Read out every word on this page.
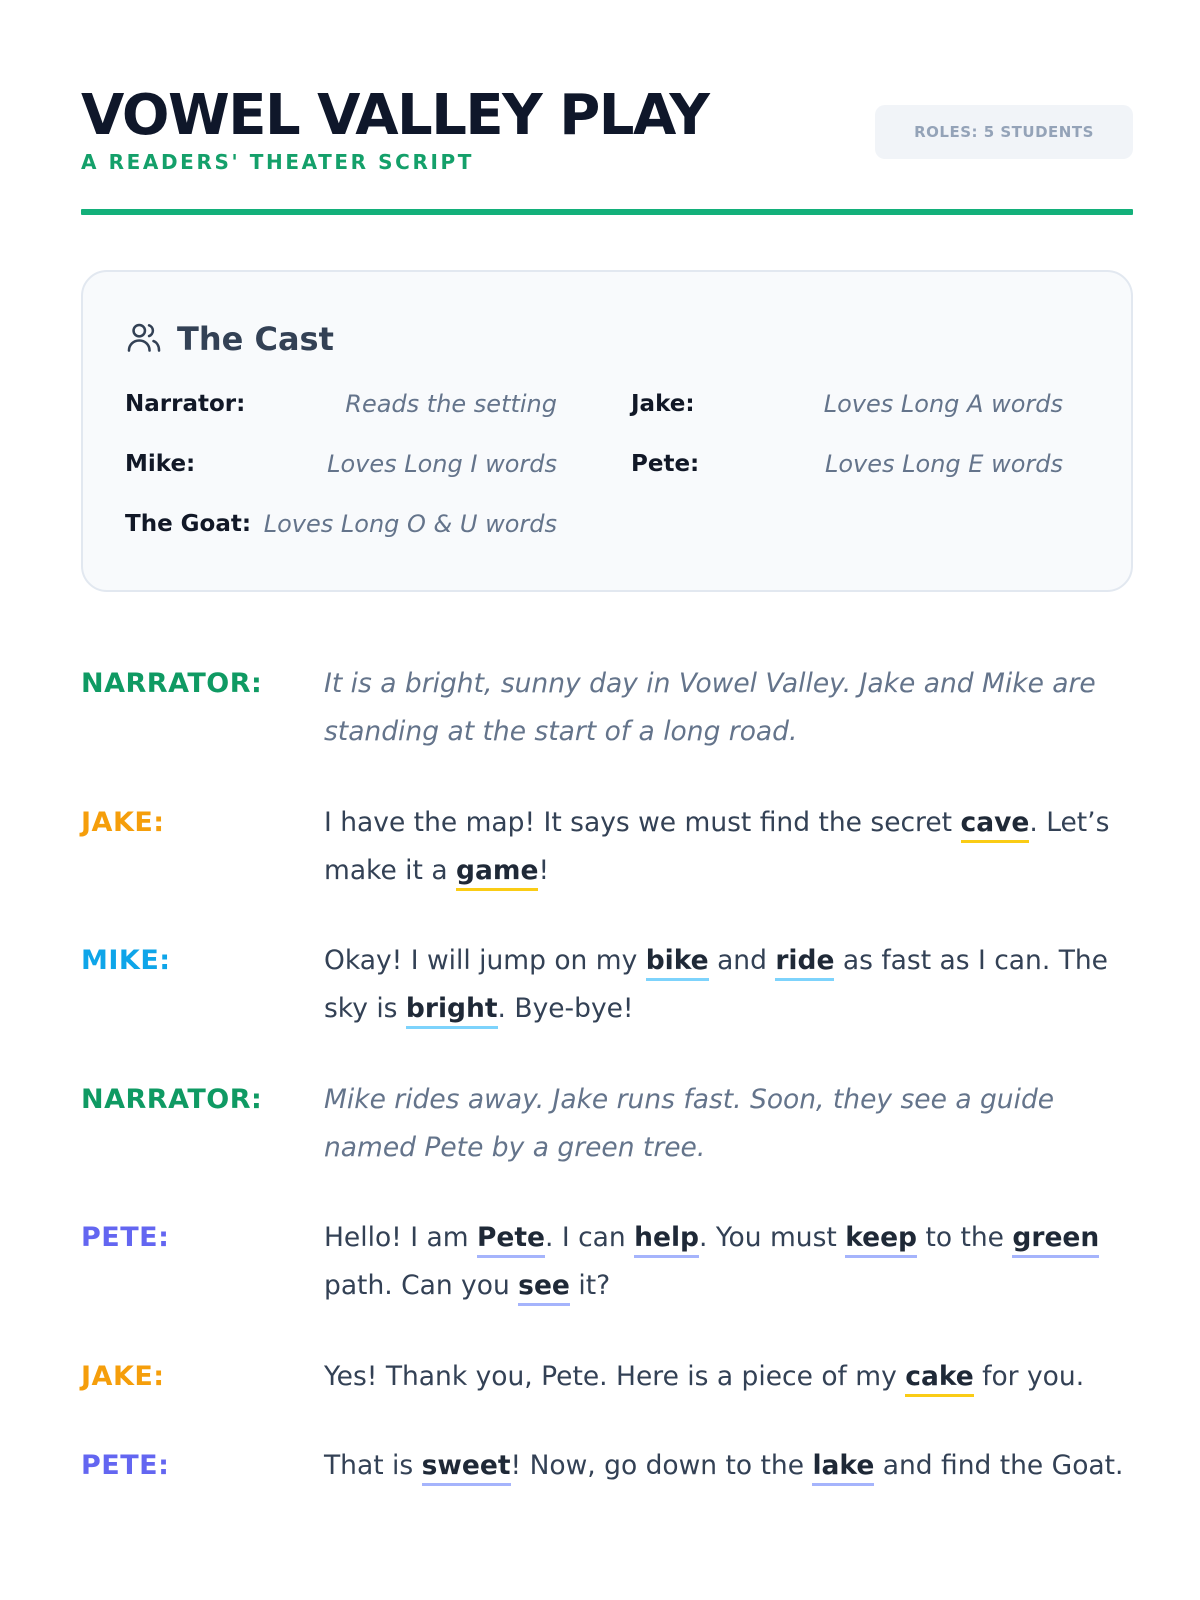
VOWEL VALLEY PLAY
A READERS' THEATER SCRIPT
ROLES: 5 STUDENTS
The Cast
Narrator:	Reads the setting	Jake:	Loves Long A words
Mike:	Loves Long I words	Pete:	Loves Long E words
The Goat: Loves Long O & U words
NARRATOR: It is a bright, sunny day in Vowel Valley. Jake and Mike are standing at the start of a long road.
JAKE:	I have the map! It says we must find the secret cave. Let’s make it a game!
MIKE:	Okay! I will jump on my bike and ride as fast as I can. The sky is bright. Bye-bye!
NARRATOR: Mike rides away. Jake runs fast. Soon, they see a guide named Pete by a green tree.
PETE:	Hello! I am Pete. I can help. You must keep to the green path. Can you see it?
JAKE:	Yes! Thank you, Pete. Here is a piece of my cake for you.
PETE:	That is sweet! Now, go down to the lake and find the Goat.
